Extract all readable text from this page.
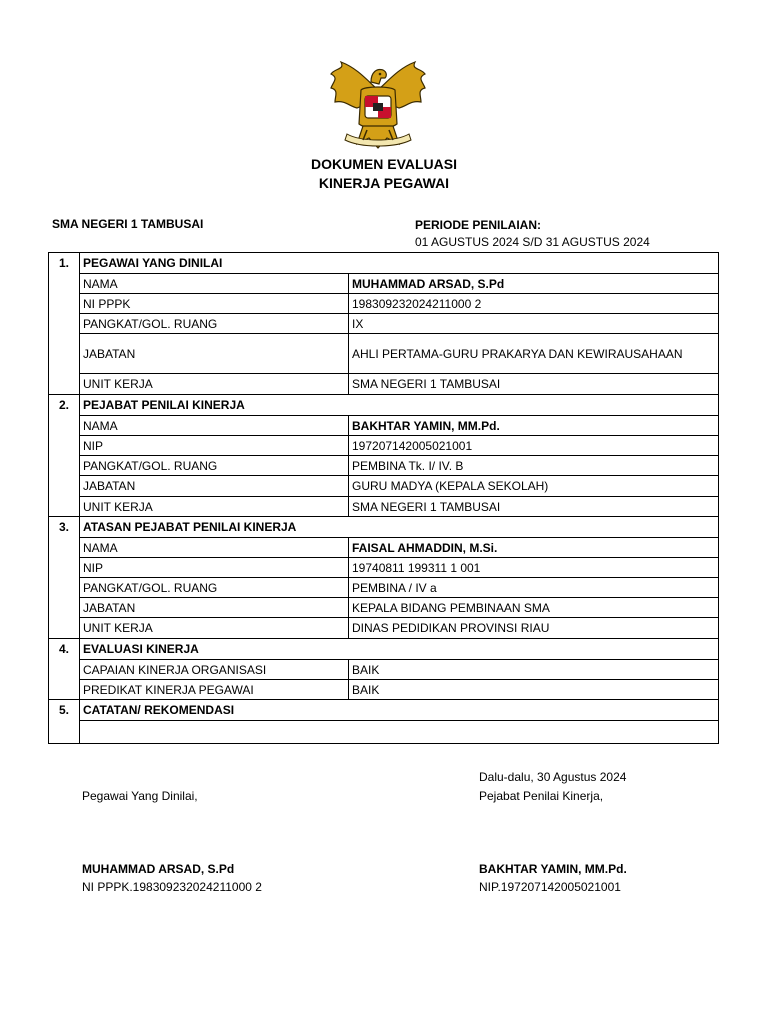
DOKUMEN EVALUASI
KINERJA PEGAWAI
SMA NEGERI 1 TAMBUSAI	PERIODE PENILAIAN:
01 AGUSTUS 2024 S/D 31 AGUSTUS 2024
1.	PEGAWAI YANG DINILAI	
	NAMA	MUHAMMAD ARSAD, S.Pd
	NI PPPK	198309232024211000 2
	PANGKAT/GOL. RUANG	IX
	JABATAN	AHLI PERTAMA-GURU PRAKARYA DAN KEWIRAUSAHAAN
	UNIT KERJA	SMA NEGERI 1 TAMBUSAI
2.	PEJABAT PENILAI KINERJA	
	NAMA	BAKHTAR YAMIN, MM.Pd.
	NIP	197207142005021001
	PANGKAT/GOL. RUANG	PEMBINA Tk. I/ IV. B
	JABATAN	GURU MADYA (KEPALA SEKOLAH)
	UNIT KERJA	SMA NEGERI 1 TAMBUSAI
3.	ATASAN PEJABAT PENILAI KINERJA	
	NAMA	FAISAL AHMADDIN, M.Si.
	NIP	19740811 199311 1 001
	PANGKAT/GOL. RUANG	PEMBINA / IV a
	JABATAN	KEPALA BIDANG PEMBINAAN SMA
	UNIT KERJA	DINAS PEDIDIKAN PROVINSI RIAU
4.	EVALUASI KINERJA	
	CAPAIAN KINERJA ORGANISASI	BAIK
	PREDIKAT KINERJA PEGAWAI	BAIK
5.	CATATAN/ REKOMENDASI	

Dalu-dalu, 30 Agustus 2024
Pegawai Yang Dinilai,	Pejabat Penilai Kinerja,
MUHAMMAD ARSAD, S.Pd
NI PPPK.198309232024211000 2
BAKHTAR YAMIN, MM.Pd.
NIP.197207142005021001
